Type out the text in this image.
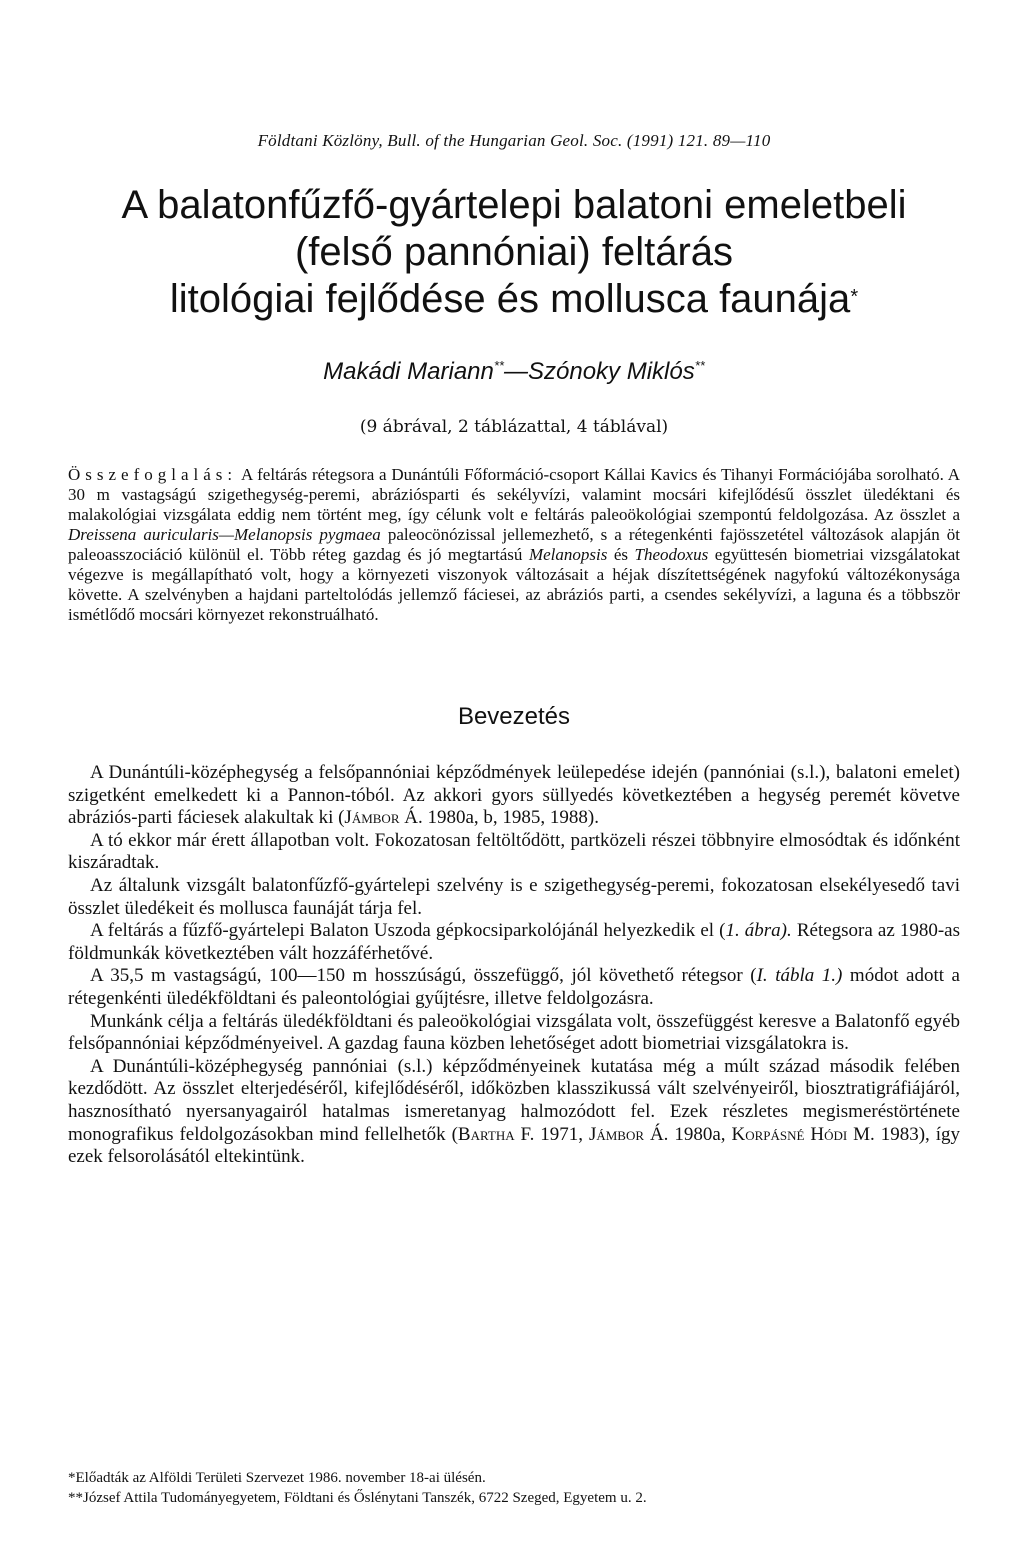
Földtani Közlöny, Bull. of the Hungarian Geol. Soc. (1991) 121. 89—110
A balatonfűzfő-gyártelepi balatoni emeletbeli
(felső pannóniai) feltárás
litológiai fejlődése és mollusca faunája*
Makádi Mariann**—Szónoky Miklós**
(9 ábrával, 2 táblázattal, 4 táblával)
Összefoglalás: A feltárás rétegsora a Dunántúli Főformáció-csoport Kállai Kavics és Tihanyi Formációjába sorolható. A 30 m vastagságú szigethegység-peremi, abráziósparti és sekélyvízi, valamint mocsári kifejlődésű összlet üledéktani és malakológiai vizsgálata eddig nem történt meg, így célunk volt e feltárás paleoökológiai szempontú feldolgozása. Az összlet a Dreissena auricularis—Melanopsis pygmaea paleocönózissal jellemezhető, s a rétegenkénti fajösszetétel változások alapján öt paleoasszociáció különül el. Több réteg gazdag és jó megtartású Melanopsis és Theodoxus együttesén biometriai vizsgálatokat végezve is megállapítható volt, hogy a környezeti viszonyok változásait a héjak díszítettségének nagyfokú változékonysága követte. A szelvényben a hajdani parteltolódás jellemző fáciesei, az abráziós parti, a csendes sekélyvízi, a laguna és a többször ismétlődő mocsári környezet rekonstruálható.
Bevezetés

A Dunántúli-középhegység a felsőpannóniai képződmények leülepedése idején (pannóniai (s.l.), balatoni emelet) szigetként emelkedett ki a Pannon-tóból. Az akkori gyors süllyedés következtében a hegység peremét követve abráziós-parti fáciesek alakultak ki (Jámbor Á. 1980a, b, 1985, 1988).

A tó ekkor már érett állapotban volt. Fokozatosan feltöltődött, partközeli részei többnyire elmosódtak és időnként kiszáradtak.

Az általunk vizsgált balatonfűzfő-gyártelepi szelvény is e szigethegység-peremi, fokozatosan elsekélyesedő tavi összlet üledékeit és mollusca faunáját tárja fel.

A feltárás a fűzfő-gyártelepi Balaton Uszoda gépkocsiparkolójánál helyezkedik el (1. ábra). Rétegsora az 1980-as földmunkák következtében vált hozzáférhetővé.

A 35,5 m vastagságú, 100—150 m hosszúságú, összefüggő, jól követhető rétegsor (I. tábla 1.) módot adott a rétegenkénti üledékföldtani és paleontológiai gyűjtésre, illetve feldolgozásra.

Munkánk célja a feltárás üledékföldtani és paleoökológiai vizsgálata volt, összefüggést keresve a Balatonfő egyéb felsőpannóniai képződményeivel. A gazdag fauna közben lehetőséget adott biometriai vizsgálatokra is.

A Dunántúli-középhegység pannóniai (s.l.) képződményeinek kutatása még a múlt század második felében kezdődött. Az összlet elterjedéséről, kifejlődéséről, időközben klasszikussá vált szelvényeiről, biosztratigráfiájáról, hasznosítható nyersanyagairól hatalmas ismeretanyag halmozódott fel. Ezek részletes megismeréstörténete monografikus feldolgozásokban mind fellelhetők (Bartha F. 1971, Jámbor Á. 1980a, Korpásné Hódi M. 1983), így ezek felsorolásától eltekintünk.

*Előadták az Alföldi Területi Szervezet 1986. november 18-ai ülésén.

**József Attila Tudományegyetem, Földtani és Őslénytani Tanszék, 6722 Szeged, Egyetem u. 2.
